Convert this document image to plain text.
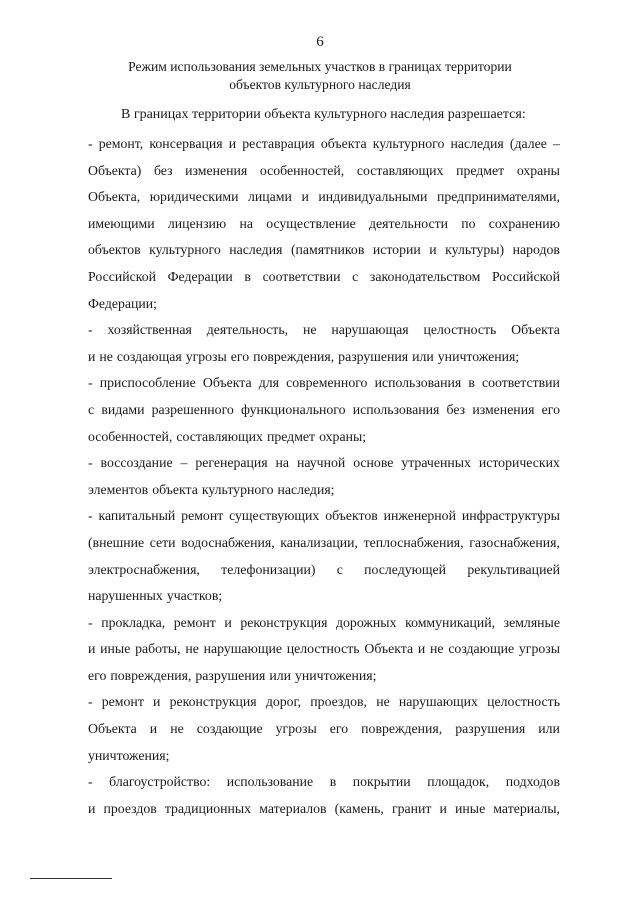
6
Режим использования земельных участков в границах территории
объектов культурного наследия
В границах территории объекта культурного наследия разрешается:
- ремонт, консервация и реставрация объекта культурного наследия (далее –
Объекта) без изменения особенностей, составляющих предмет охраны
Объекта, юридическими лицами и индивидуальными предпринимателями,
имеющими лицензию на осуществление деятельности по сохранению
объектов культурного наследия (памятников истории и культуры) народов
Российской Федерации в соответствии с законодательством Российской
Федерации;
- хозяйственная деятельность, не нарушающая целостность Объекта
и не создающая угрозы его повреждения, разрушения или уничтожения;
- приспособление Объекта для современного использования в соответствии
с видами разрешенного функционального использования без изменения его
особенностей, составляющих предмет охраны;
- воссоздание – регенерация на научной основе утраченных исторических
элементов объекта культурного наследия;
- капитальный ремонт существующих объектов инженерной инфраструктуры
(внешние сети водоснабжения, канализации, теплоснабжения, газоснабжения,
электроснабжения, телефонизации) с последующей рекультивацией
нарушенных участков;
- прокладка, ремонт и реконструкция дорожных коммуникаций, земляные
и иные работы, не нарушающие целостность Объекта и не создающие угрозы
его повреждения, разрушения или уничтожения;
- ремонт и реконструкция дорог, проездов, не нарушающих целостность
Объекта и не создающие угрозы его повреждения, разрушения или
уничтожения;
- благоустройство: использование в покрытии площадок, подходов
и проездов традиционных материалов (камень, гранит и иные материалы,
